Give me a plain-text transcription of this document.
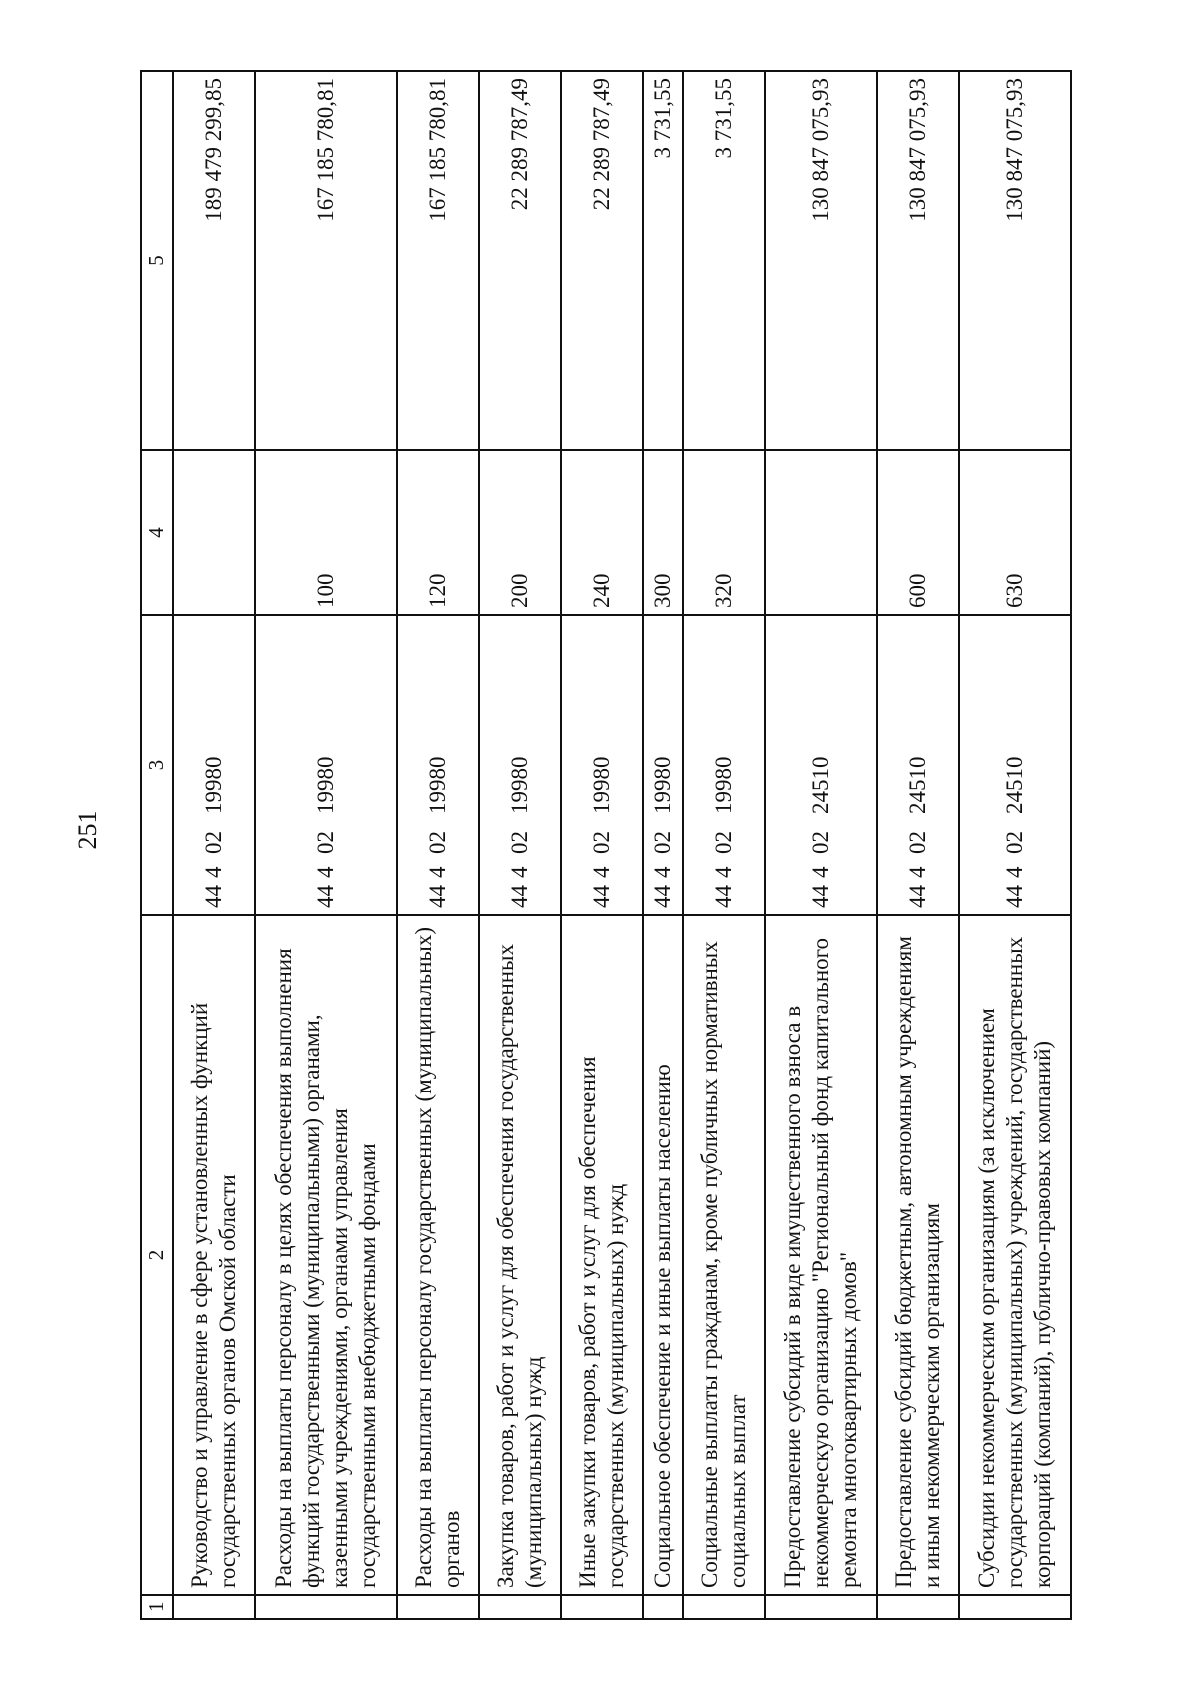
251
1	2	3	4	5
	Руководство и управление в сфере установленных функций государственных органов Омской области	4440219980		189 479 299,85
	Расходы на выплаты персоналу в целях обеспечения выполнения функций государственными (муниципальными) органами, казенными учреждениями, органами управления государственными внебюджетными фондами	4440219980	100	167 185 780,81
	Расходы на выплаты персоналу государственных (муниципальных) органов	4440219980	120	167 185 780,81
	Закупка товаров, работ и услуг для обеспечения государственных (муниципальных) нужд	4440219980	200	22 289 787,49
	Иные закупки товаров, работ и услуг для обеспечения государственных (муниципальных) нужд	4440219980	240	22 289 787,49
	Социальное обеспечение и иные выплаты населению	4440219980	300	3 731,55
	Социальные выплаты гражданам, кроме публичных нормативных социальных выплат	4440219980	320	3 731,55
	Предоставление субсидий в виде имущественного взноса в некоммерческую организацию "Региональный фонд капитального ремонта многоквартирных домов"	4440224510		130 847 075,93
	Предоставление субсидий бюджетным, автономным учреждениям и иным некоммерческим организациям	4440224510	600	130 847 075,93
	Субсидии некоммерческим организациям (за исключением государственных (муниципальных) учреждений, государственных корпораций (компаний), публично-правовых компаний)	4440224510	630	130 847 075,93
